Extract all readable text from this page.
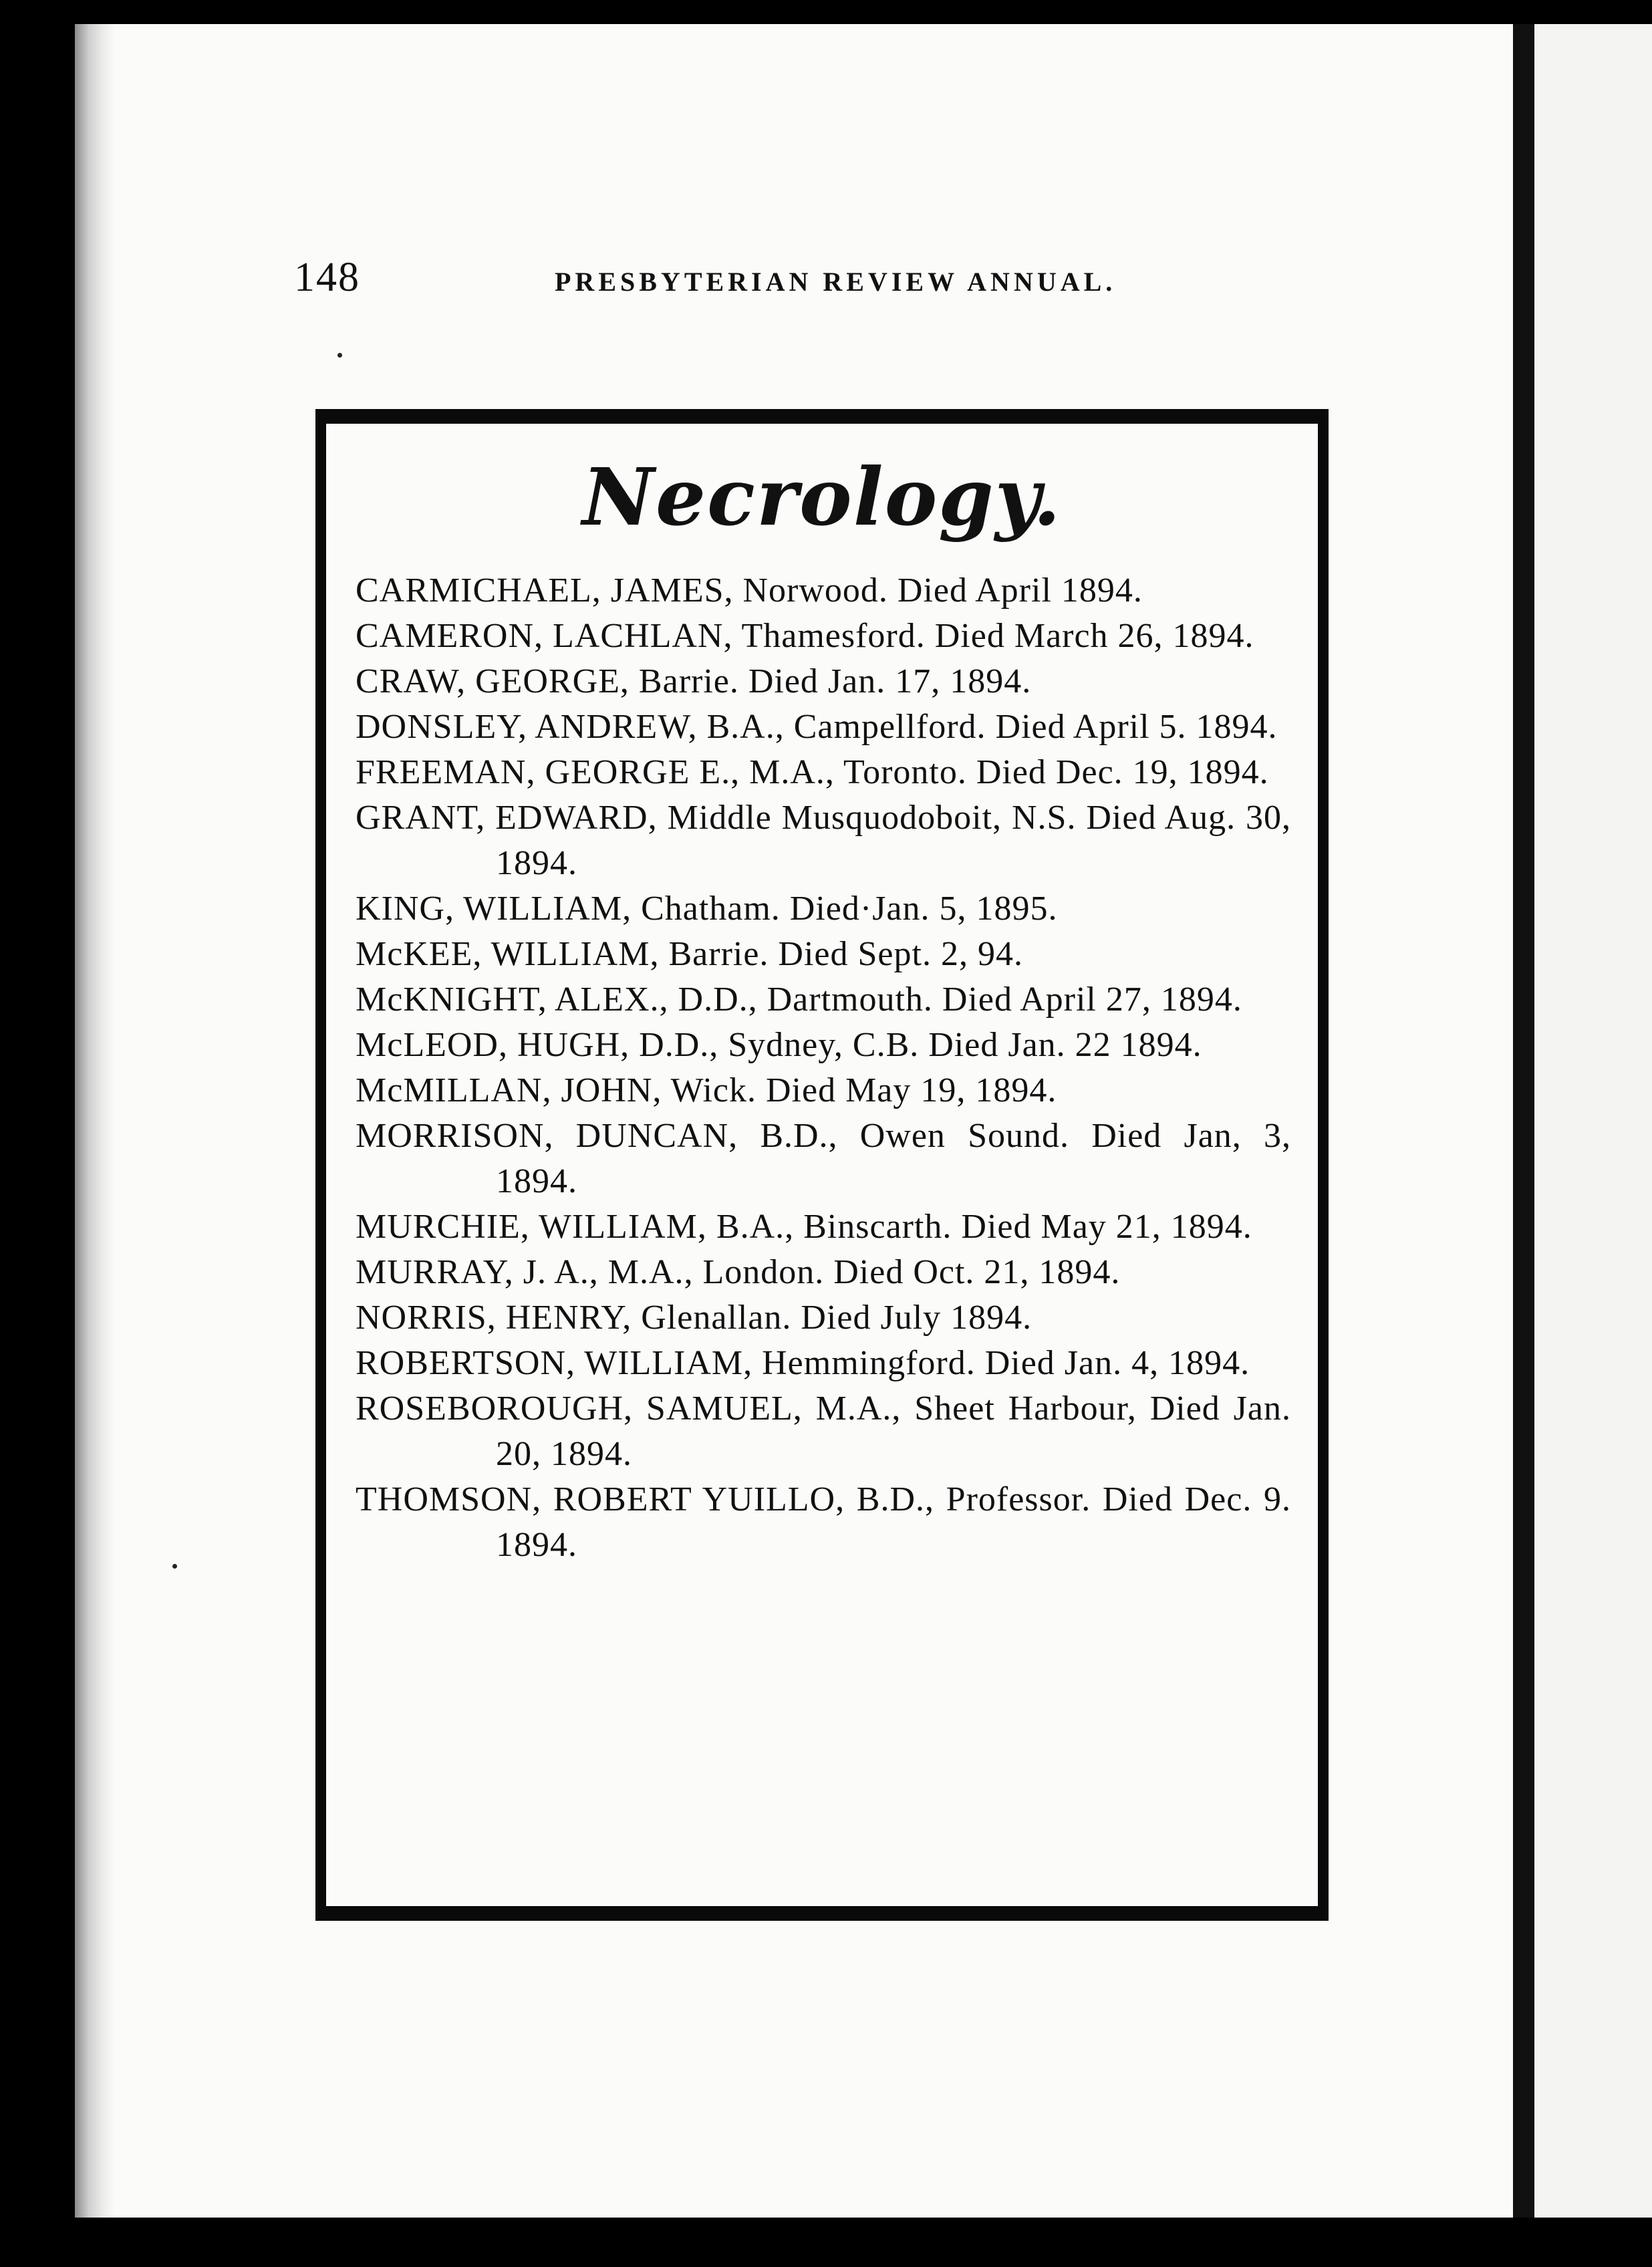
148	PRESBYTERIAN REVIEW ANNUAL.
Necrology.
CARMICHAEL, JAMES, Norwood. Died April 1894.
CAMERON, LACHLAN, Thamesford. Died March 26, 1894.
CRAW, GEORGE, Barrie. Died Jan. 17, 1894.
DONSLEY, ANDREW, B.A., Campellford. Died April 5. 1894.
FREEMAN, GEORGE E., M.A., Toronto. Died Dec. 19, 1894.
GRANT, EDWARD, Middle Musquodoboit, N.S. Died Aug. 30, 1894.
KING, WILLIAM, Chatham. Died·Jan. 5, 1895.
McKEE, WILLIAM, Barrie. Died Sept. 2, 94.
McKNIGHT, ALEX., D.D., Dartmouth. Died April 27, 1894.
McLEOD, HUGH, D.D., Sydney, C.B. Died Jan. 22 1894.
McMILLAN, JOHN, Wick. Died May 19, 1894.
MORRISON, DUNCAN, B.D., Owen Sound. Died Jan, 3, 1894.
MURCHIE, WILLIAM, B.A., Binscarth. Died May 21, 1894.
MURRAY, J. A., M.A., London. Died Oct. 21, 1894.
NORRIS, HENRY, Glenallan. Died July 1894.
ROBERTSON, WILLIAM, Hemmingford. Died Jan. 4, 1894.
ROSEBOROUGH, SAMUEL, M.A., Sheet Harbour, Died Jan. 20, 1894.
THOMSON, ROBERT YUILLO, B.D., Professor. Died Dec. 9. 1894.
